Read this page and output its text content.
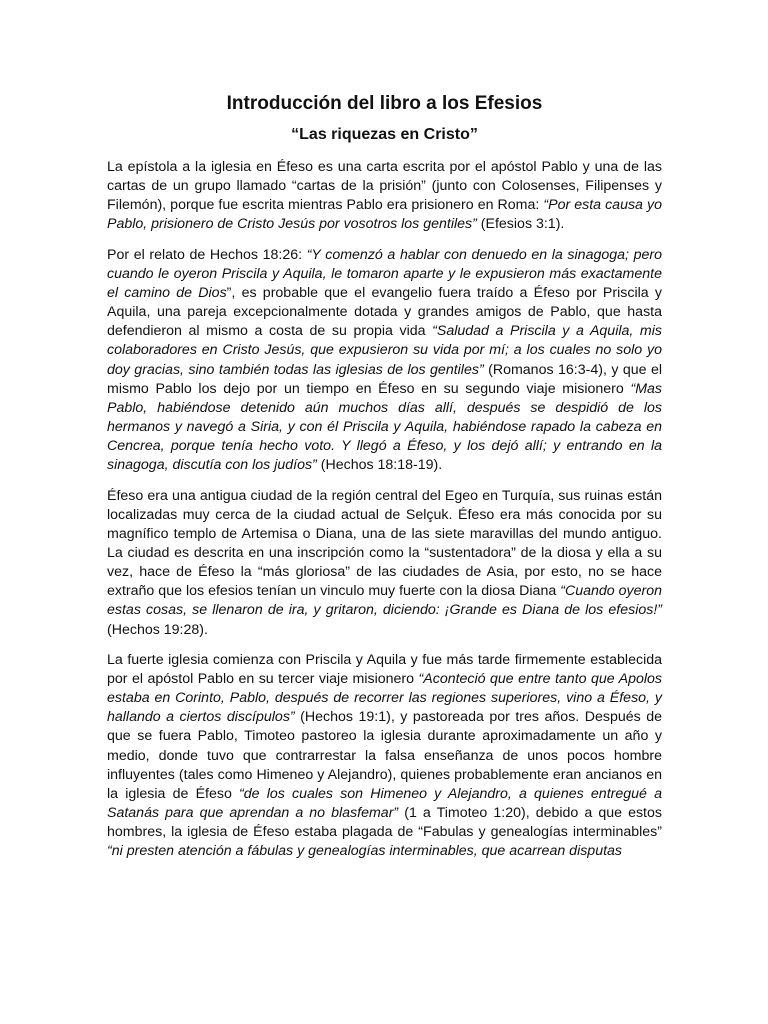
Introducción del libro a los Efesios
“Las riquezas en Cristo”

La epístola a la iglesia en Éfeso es una carta escrita por el apóstol Pablo y una de las cartas de un grupo llamado “cartas de la prisión” (junto con Colosenses, Filipenses y Filemón), porque fue escrita mientras Pablo era prisionero en Roma: “Por esta causa yo Pablo, prisionero de Cristo Jesús por vosotros los gentiles” (Efesios 3:1).

Por el relato de Hechos 18:26: “Y comenzó a hablar con denuedo en la sinagoga; pero cuando le oyeron Priscila y Aquila, le tomaron aparte y le expusieron más exactamente el camino de Dios”, es probable que el evangelio fuera traído a Éfeso por Priscila y Aquila, una pareja excepcionalmente dotada y grandes amigos de Pablo, que hasta defendieron al mismo a costa de su propia vida “Saludad a Priscila y a Aquila, mis colaboradores en Cristo Jesús, que expusieron su vida por mí; a los cuales no solo yo doy gracias, sino también todas las iglesias de los gentiles” (Romanos 16:3-4), y que el mismo Pablo los dejo por un tiempo en Éfeso en su segundo viaje misionero “Mas Pablo, habiéndose detenido aún muchos días allí, después se despidió de los hermanos y navegó a Siria, y con él Priscila y Aquila, habiéndose rapado la cabeza en Cencrea, porque tenía hecho voto. Y llegó a Éfeso, y los dejó allí; y entrando en la sinagoga, discutía con los judíos” (Hechos 18:18-19).

Éfeso era una antigua ciudad de la región central del Egeo en Turquía, sus ruinas están localizadas muy cerca de la ciudad actual de Selçuk. Éfeso era más conocida por su magnífico templo de Artemisa o Diana, una de las siete maravillas del mundo antiguo. La ciudad es descrita en una inscripción como la “sustentadora” de la diosa y ella a su vez, hace de Éfeso la “más gloriosa” de las ciudades de Asia, por esto, no se hace extraño que los efesios tenían un vinculo muy fuerte con la diosa Diana “Cuando oyeron estas cosas, se llenaron de ira, y gritaron, diciendo: ¡Grande es Diana de los efesios!” (Hechos 19:28).

La fuerte iglesia comienza con Priscila y Aquila y fue más tarde firmemente establecida por el apóstol Pablo en su tercer viaje misionero “Aconteció que entre tanto que Apolos estaba en Corinto, Pablo, después de recorrer las regiones superiores, vino a Éfeso, y hallando a ciertos discípulos” (Hechos 19:1), y pastoreada por tres años. Después de que se fuera Pablo, Timoteo pastoreo la iglesia durante aproximadamente un año y medio, donde tuvo que contrarrestar la falsa enseñanza de unos pocos hombre influyentes (tales como Himeneo y Alejandro), quienes probablemente eran ancianos en la iglesia de Éfeso “de los cuales son Himeneo y Alejandro, a quienes entregué a Satanás para que aprendan a no blasfemar” (1 a Timoteo 1:20), debido a que estos hombres, la iglesia de Éfeso estaba plagada de “Fabulas y genealogías interminables” “ni presten atención a fábulas y genealogías interminables, que acarrean disputas
